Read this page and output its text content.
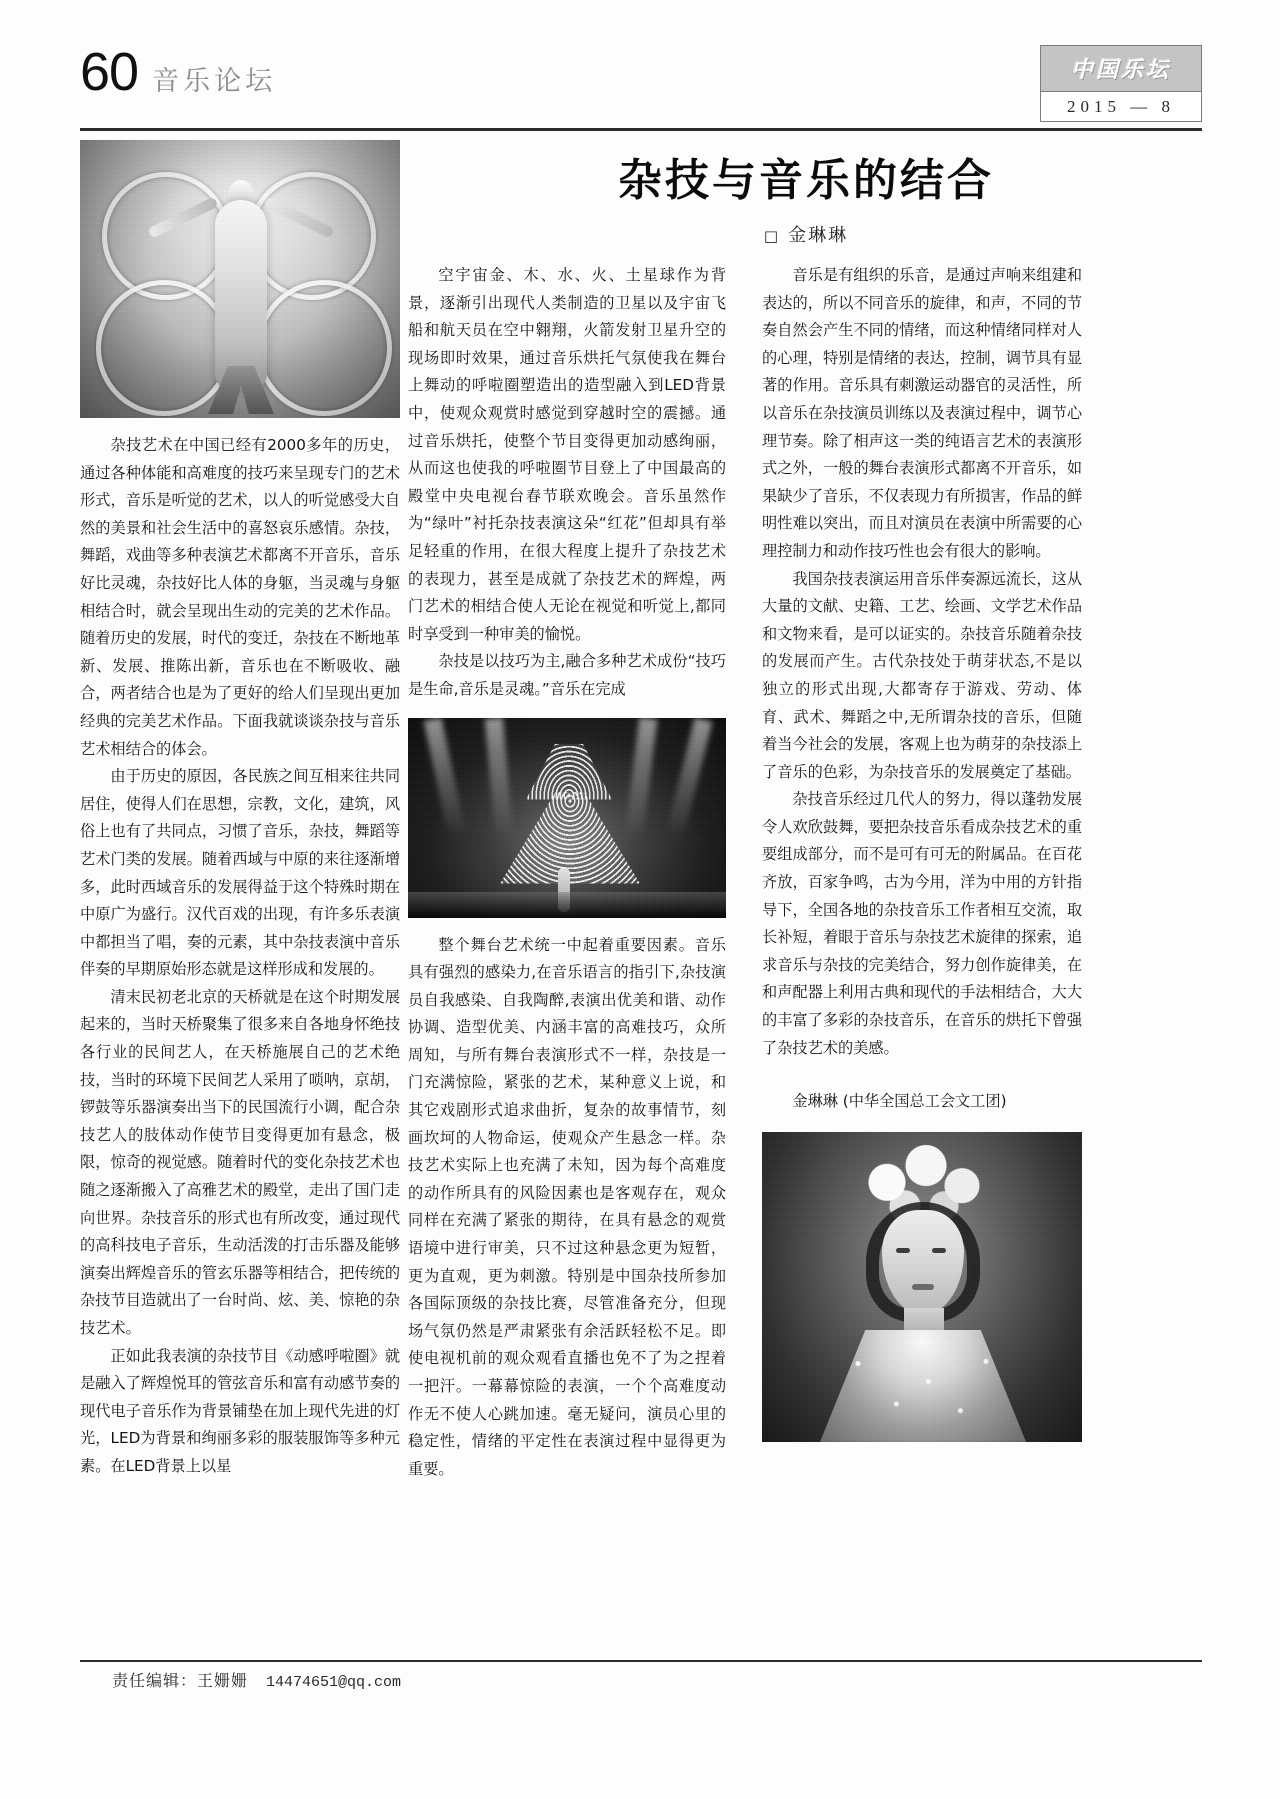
60 音乐论坛	中国乐坛
2015 — 8
杂技与音乐的结合
□ 金琳琳

杂技艺术在中国已经有2000多年的历史，通过各种体能和高难度的技巧来呈现专门的艺术形式，音乐是听觉的艺术，以人的听觉感受大自然的美景和社会生活中的喜怒哀乐感情。杂技，舞蹈，戏曲等多种表演艺术都离不开音乐，音乐好比灵魂，杂技好比人体的身躯，当灵魂与身躯相结合时，就会呈现出生动的完美的艺术作品。随着历史的发展，时代的变迁，杂技在不断地革新、发展、推陈出新，音乐也在不断吸收、融合，两者结合也是为了更好的给人们呈现出更加经典的完美艺术作品。下面我就谈谈杂技与音乐艺术相结合的体会。

由于历史的原因，各民族之间互相来往共同居住，使得人们在思想，宗教，文化，建筑，风俗上也有了共同点，习惯了音乐，杂技，舞蹈等艺术门类的发展。随着西域与中原的来往逐渐增多，此时西域音乐的发展得益于这个特殊时期在中原广为盛行。汉代百戏的出现，有许多乐表演中都担当了唱，奏的元素，其中杂技表演中音乐伴奏的早期原始形态就是这样形成和发展的。

清末民初老北京的天桥就是在这个时期发展起来的，当时天桥聚集了很多来自各地身怀绝技各行业的民间艺人，在天桥施展自己的艺术绝技，当时的环境下民间艺人采用了唢呐，京胡，锣鼓等乐器演奏出当下的民国流行小调，配合杂技艺人的肢体动作使节目变得更加有悬念，极限，惊奇的视觉感。随着时代的变化杂技艺术也随之逐渐搬入了高雅艺术的殿堂，走出了国门走向世界。杂技音乐的形式也有所改变，通过现代的高科技电子音乐，生动活泼的打击乐器及能够演奏出辉煌音乐的管玄乐器等相结合，把传统的杂技节目造就出了一台时尚、炫、美、惊艳的杂技艺术。

正如此我表演的杂技节目《动感呼啦圈》就是融入了辉煌悦耳的管弦音乐和富有动感节奏的现代电子音乐作为背景铺垫在加上现代先进的灯光，LED为背景和绚丽多彩的服装服饰等多种元素。在LED背景上以星

空宇宙金、木、水、火、土星球作为背景，逐渐引出现代人类制造的卫星以及宇宙飞船和航天员在空中翱翔，火箭发射卫星升空的现场即时效果，通过音乐烘托气氛使我在舞台上舞动的呼啦圈塑造出的造型融入到LED背景中，使观众观赏时感觉到穿越时空的震撼。通过音乐烘托，使整个节目变得更加动感绚丽，从而这也使我的呼啦圈节目登上了中国最高的殿堂中央电视台春节联欢晚会。音乐虽然作为“绿叶”衬托杂技表演这朵“红花”但却具有举足轻重的作用，在很大程度上提升了杂技艺术的表现力，甚至是成就了杂技艺术的辉煌，两门艺术的相结合使人无论在视觉和听觉上,都同时享受到一种审美的愉悦。

杂技是以技巧为主,融合多种艺术成份“技巧是生命,音乐是灵魂。”音乐在完成

整个舞台艺术统一中起着重要因素。音乐具有强烈的感染力,在音乐语言的指引下,杂技演员自我感染、自我陶醉,表演出优美和谐、动作协调、造型优美、内涵丰富的高难技巧，众所周知，与所有舞台表演形式不一样，杂技是一门充满惊险，紧张的艺术，某种意义上说，和其它戏剧形式追求曲折，复杂的故事情节，刻画坎坷的人物命运，使观众产生悬念一样。杂技艺术实际上也充满了未知，因为每个高难度的动作所具有的风险因素也是客观存在，观众同样在充满了紧张的期待，在具有悬念的观赏语境中进行审美，只不过这种悬念更为短暂，更为直观，更为刺激。特别是中国杂技所参加各国际顶级的杂技比赛，尽管准备充分，但现场气氛仍然是严肃紧张有余活跃轻松不足。即使电视机前的观众观看直播也免不了为之捏着一把汗。一幕幕惊险的表演，一个个高难度动作无不使人心跳加速。毫无疑问，演员心里的稳定性，情绪的平定性在表演过程中显得更为重要。

音乐是有组织的乐音，是通过声响来组建和表达的，所以不同音乐的旋律，和声，不同的节奏自然会产生不同的情绪，而这种情绪同样对人的心理，特别是情绪的表达，控制，调节具有显著的作用。音乐具有刺激运动器官的灵活性，所以音乐在杂技演员训练以及表演过程中，调节心理节奏。除了相声这一类的纯语言艺术的表演形式之外，一般的舞台表演形式都离不开音乐，如果缺少了音乐，不仅表现力有所损害，作品的鲜明性难以突出，而且对演员在表演中所需要的心理控制力和动作技巧性也会有很大的影响。

我国杂技表演运用音乐伴奏源远流长，这从大量的文献、史籍、工艺、绘画、文学艺术作品和文物来看，是可以证实的。杂技音乐随着杂技的发展而产生。古代杂技处于萌芽状态,不是以独立的形式出现,大都寄存于游戏、劳动、体育、武术、舞蹈之中,无所谓杂技的音乐，但随着当今社会的发展，客观上也为萌芽的杂技添上了音乐的色彩，为杂技音乐的发展奠定了基础。

杂技音乐经过几代人的努力，得以蓬勃发展令人欢欣鼓舞，要把杂技音乐看成杂技艺术的重要组成部分，而不是可有可无的附属品。在百花齐放，百家争鸣，古为今用，洋为中用的方针指导下，全国各地的杂技音乐工作者相互交流，取长补短，着眼于音乐与杂技艺术旋律的探索，追求音乐与杂技的完美结合，努力创作旋律美，在和声配器上利用古典和现代的手法相结合，大大的丰富了多彩的杂技音乐，在音乐的烘托下曾强了杂技艺术的美感。

金琳琳 (中华全国总工会文工团)

责任编辑：王姗姗 14474651@qq.com
